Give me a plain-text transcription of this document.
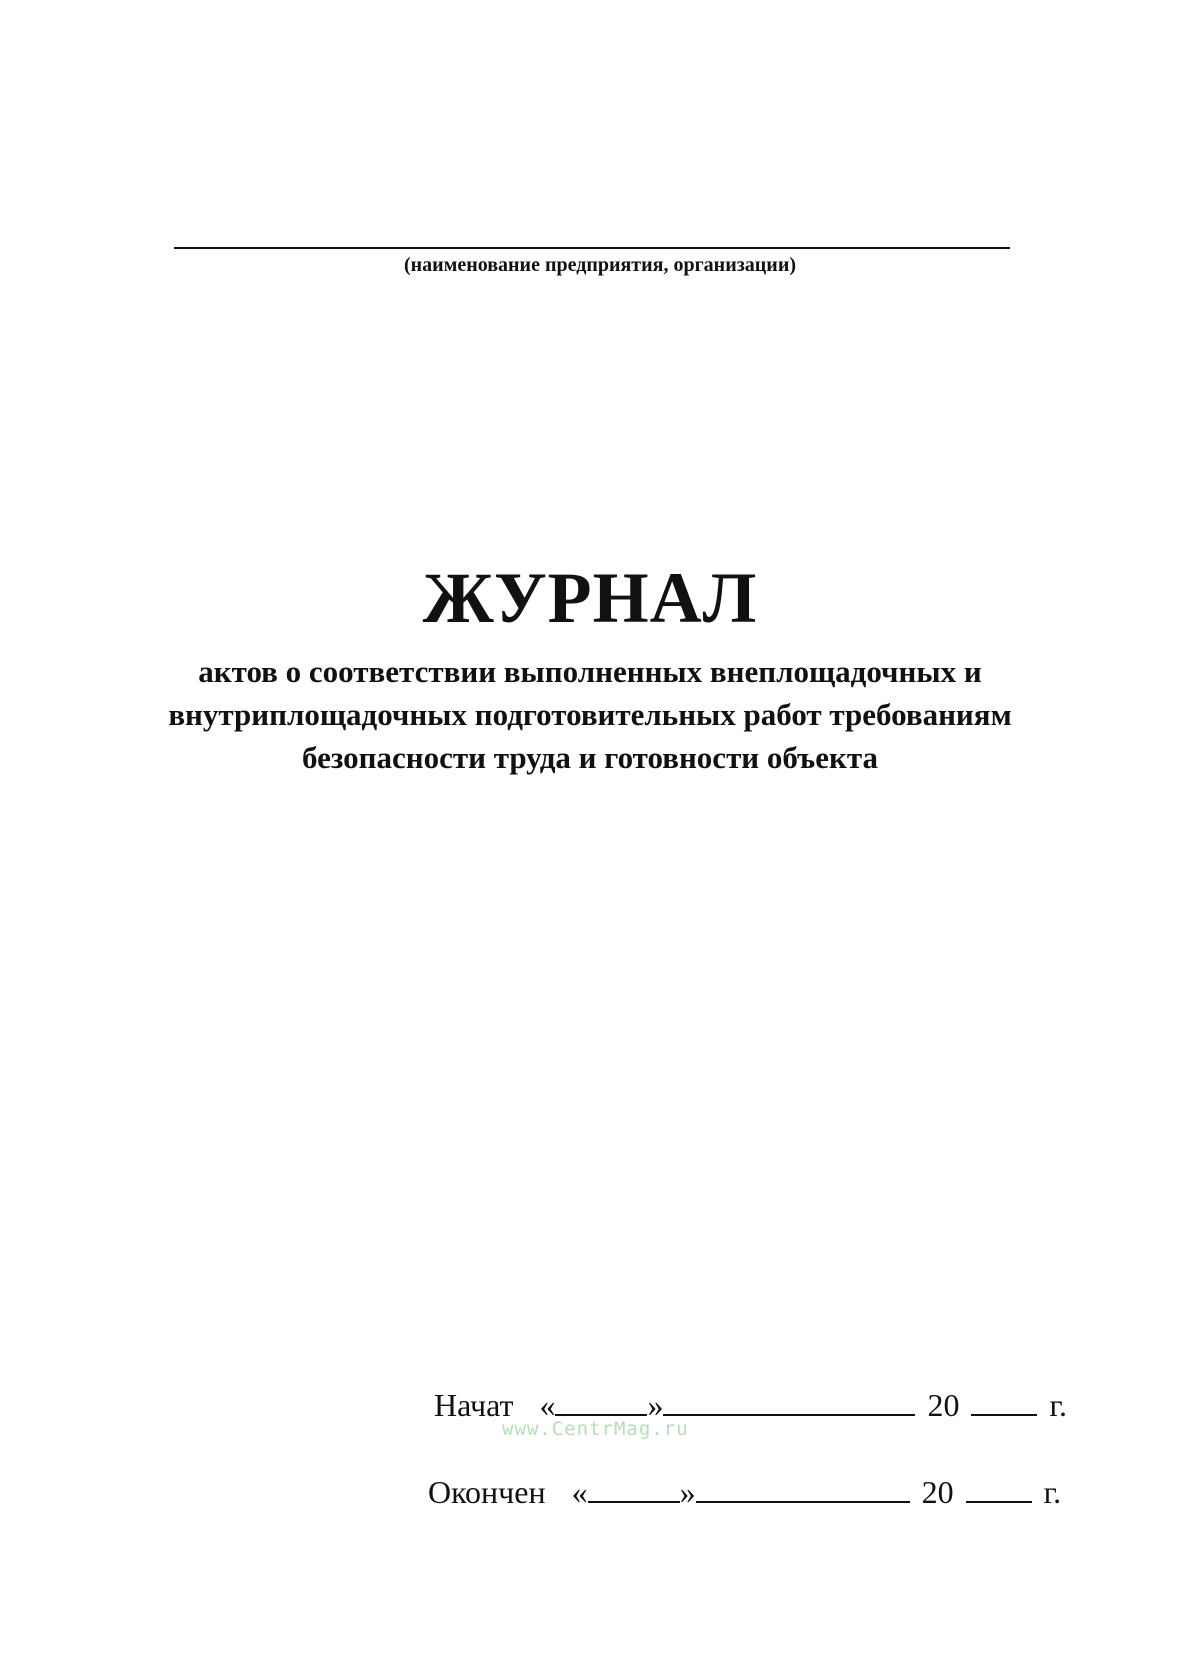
(наименование предприятия, организации)
ЖУРНАЛ
актов о соответствии выполненных внеплощадочных и
внутриплощадочных подготовительных работ требованиям
безопасности труда и готовности объекта
Начат «	»	20	г.
www.CentrMag.ru
Окончен «	»	20	г.
